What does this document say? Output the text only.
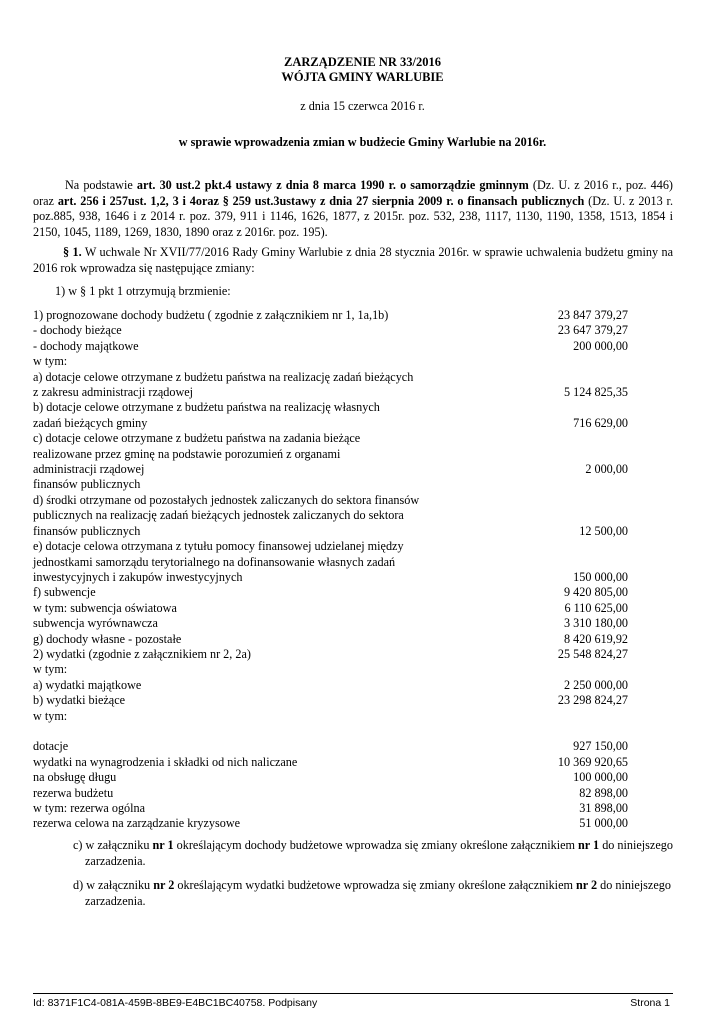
ZARZĄDZENIE NR 33/2016
WÓJTA GMINY WARLUBIE
z dnia 15 czerwca 2016 r.
w sprawie wprowadzenia zmian w budżecie Gminy Warlubie na 2016r.

Na podstawie art. 30 ust.2 pkt.4 ustawy z dnia 8 marca 1990 r. o samorządzie gminnym (Dz. U. z 2016 r., poz. 446) oraz art. 256 i 257ust. 1,2, 3 i 4oraz § 259 ust.3ustawy z dnia 27 sierpnia 2009 r. o finansach publicznych (Dz. U. z 2013 r. poz.885, 938, 1646 i z 2014 r. poz. 379, 911 i 1146, 1626, 1877, z 2015r. poz. 532, 238, 1117, 1130, 1190, 1358, 1513, 1854 i 2150, 1045, 1189, 1269, 1830, 1890 oraz z 2016r. poz. 195).

§ 1. W uchwale Nr XVII/77/2016 Rady Gminy Warlubie z dnia 28 stycznia 2016r. w sprawie uchwalenia budżetu gminy na 2016 rok wprowadza się następujące zmiany:

1) w § 1 pkt 1 otrzymują brzmienie:
1) prognozowane dochody budżetu ( zgodnie z załącznikiem nr 1, 1a,1b)	23 847 379,27
- dochody bieżące	23 647 379,27
- dochody majątkowe	200 000,00
w tym:
a) dotacje celowe otrzymane z budżetu państwa na realizację zadań bieżących
z zakresu administracji rządowej	5 124 825,35
b) dotacje celowe otrzymane z budżetu państwa na realizację własnych
zadań bieżących gminy	716 629,00
c) dotacje celowe otrzymane z budżetu państwa na zadania bieżące
realizowane przez gminę na podstawie porozumień z organami
administracji rządowej	2 000,00
finansów publicznych
d) środki otrzymane od pozostałych jednostek zaliczanych do sektora finansów
publicznych na realizację zadań bieżących jednostek zaliczanych do sektora
finansów publicznych	12 500,00
e) dotacje celowa otrzymana z tytułu pomocy finansowej udzielanej między
jednostkami samorządu terytorialnego na dofinansowanie własnych zadań
inwestycyjnych i zakupów inwestycyjnych	150 000,00
f) subwencje	9 420 805,00
w tym: subwencja oświatowa	6 110 625,00
subwencja wyrównawcza	3 310 180,00
g) dochody własne - pozostałe	8 420 619,92
2) wydatki (zgodnie z załącznikiem nr 2, 2a)	25 548 824,27
w tym:
a) wydatki majątkowe	2 250 000,00
b) wydatki bieżące	23 298 824,27
w tym:

dotacje	927 150,00
wydatki na wynagrodzenia i składki od nich naliczane	10 369 920,65
na obsługę długu	100 000,00
rezerwa budżetu	82 898,00
w tym: rezerwa ogólna	31 898,00
rezerwa celowa na zarządzanie kryzysowe	51 000,00
c) w załączniku nr 1 określającym dochody budżetowe wprowadza się zmiany określone załącznikiem nr 1 do niniejszego zarzadzenia.
d) w załączniku nr 2 określającym wydatki budżetowe wprowadza się zmiany określone załącznikiem nr 2 do niniejszego zarzadzenia.
Id: 8371F1C4-081A-459B-8BE9-E4BC1BC40758. Podpisany	Strona 1
